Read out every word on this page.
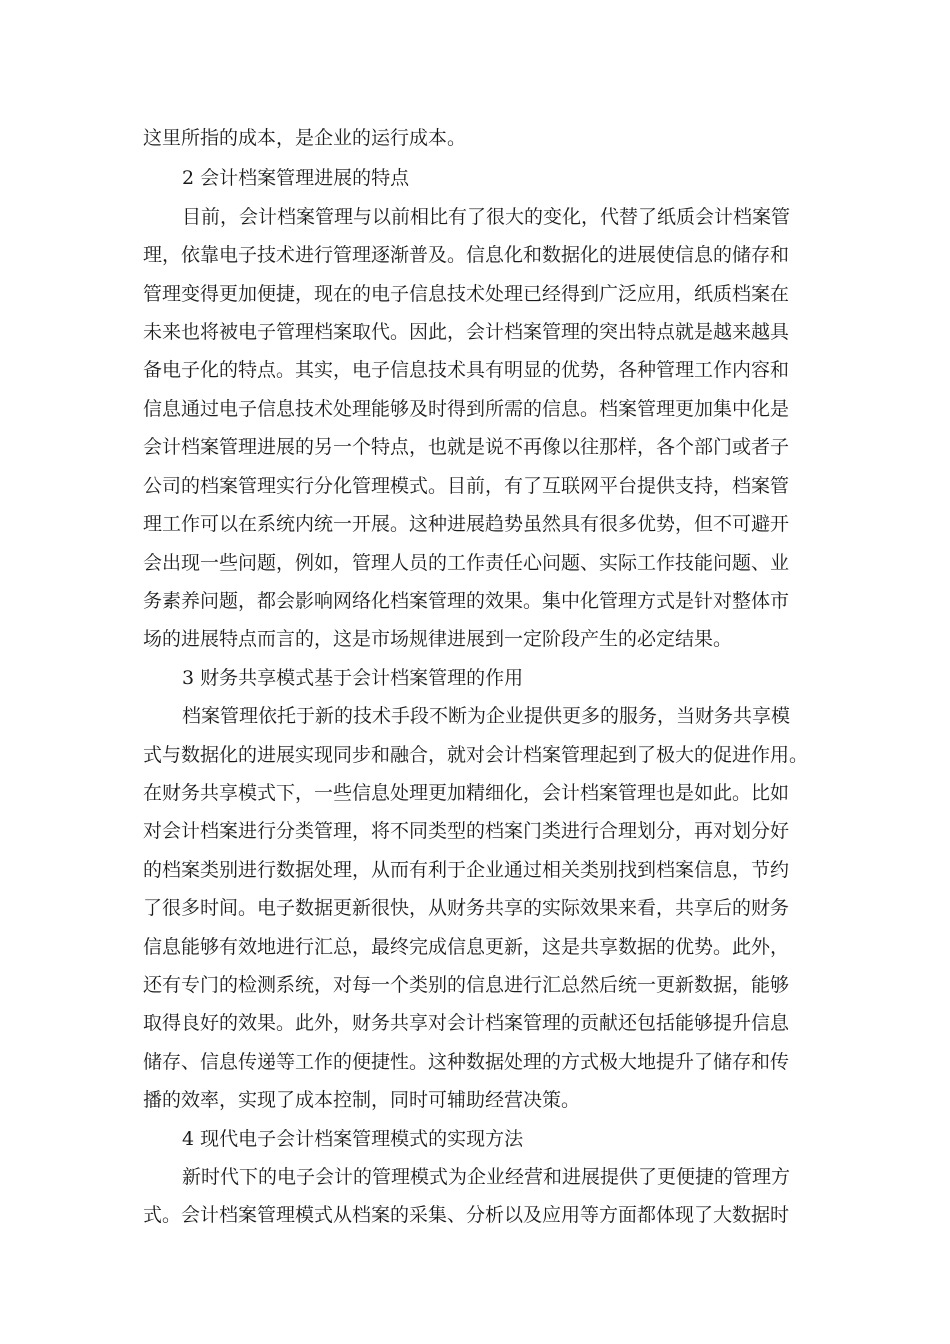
这里所指的成本，是企业的运行成本。
2 会计档案管理进展的特点
目前，会计档案管理与以前相比有了很大的变化，代替了纸质会计档案管
理，依靠电子技术进行管理逐渐普及。信息化和数据化的进展使信息的储存和
管理变得更加便捷，现在的电子信息技术处理已经得到广泛应用，纸质档案在
未来也将被电子管理档案取代。因此，会计档案管理的突出特点就是越来越具
备电子化的特点。其实，电子信息技术具有明显的优势，各种管理工作内容和
信息通过电子信息技术处理能够及时得到所需的信息。档案管理更加集中化是
会计档案管理进展的另一个特点，也就是说不再像以往那样，各个部门或者子
公司的档案管理实行分化管理模式。目前，有了互联网平台提供支持，档案管
理工作可以在系统内统一开展。这种进展趋势虽然具有很多优势，但不可避开
会出现一些问题，例如，管理人员的工作责任心问题、实际工作技能问题、业
务素养问题，都会影响网络化档案管理的效果。集中化管理方式是针对整体市
场的进展特点而言的，这是市场规律进展到一定阶段产生的必定结果。
3 财务共享模式基于会计档案管理的作用
档案管理依托于新的技术手段不断为企业提供更多的服务，当财务共享模
式与数据化的进展实现同步和融合，就对会计档案管理起到了极大的促进作用。
在财务共享模式下，一些信息处理更加精细化，会计档案管理也是如此。比如
对会计档案进行分类管理，将不同类型的档案门类进行合理划分，再对划分好
的档案类别进行数据处理，从而有利于企业通过相关类别找到档案信息，节约
了很多时间。电子数据更新很快，从财务共享的实际效果来看，共享后的财务
信息能够有效地进行汇总，最终完成信息更新，这是共享数据的优势。此外，
还有专门的检测系统，对每一个类别的信息进行汇总然后统一更新数据，能够
取得良好的效果。此外，财务共享对会计档案管理的贡献还包括能够提升信息
储存、信息传递等工作的便捷性。这种数据处理的方式极大地提升了储存和传
播的效率，实现了成本控制，同时可辅助经营决策。
4 现代电子会计档案管理模式的实现方法
新时代下的电子会计的管理模式为企业经营和进展提供了更便捷的管理方
式。会计档案管理模式从档案的采集、分析以及应用等方面都体现了大数据时
